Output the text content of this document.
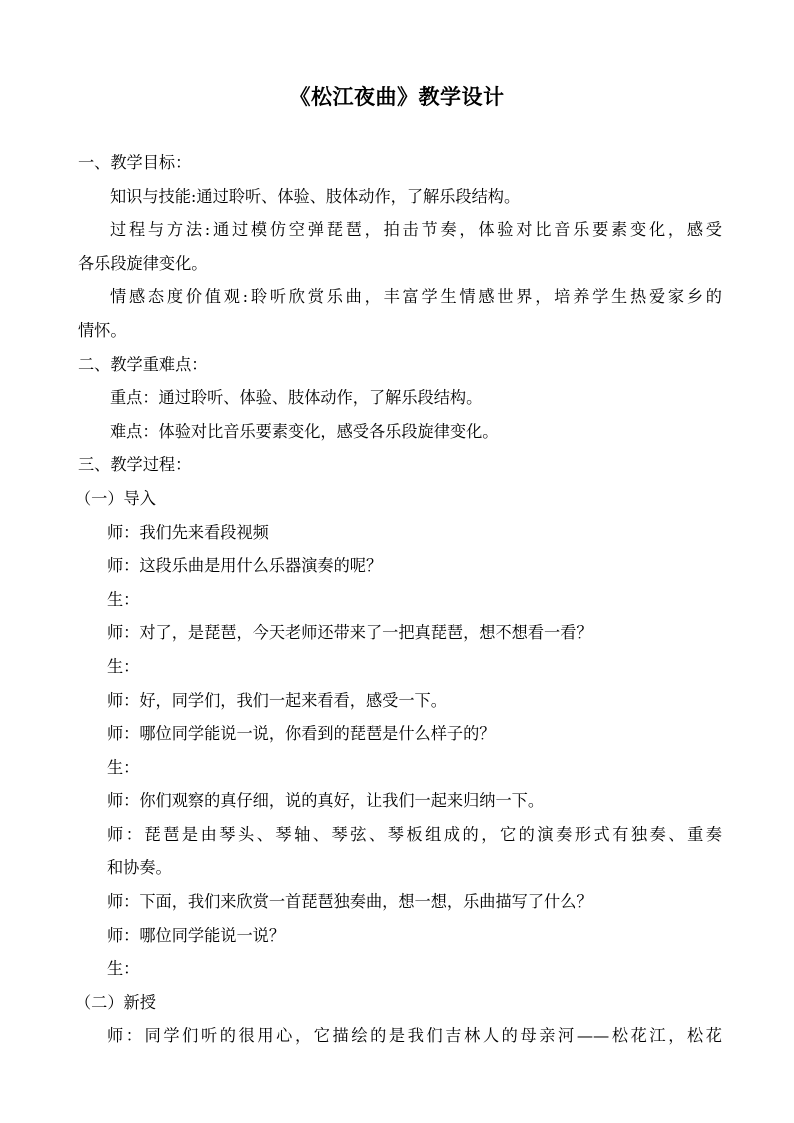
《松江夜曲》教学设计
一、教学目标：
知识与技能:通过聆听、体验、肢体动作，了解乐段结构。
过程与方法:通过模仿空弹琵琶，拍击节奏，体验对比音乐要素变化，感受
各乐段旋律变化。
情感态度价值观:聆听欣赏乐曲，丰富学生情感世界，培养学生热爱家乡的
情怀。
二、教学重难点：
重点：通过聆听、体验、肢体动作，了解乐段结构。
难点：体验对比音乐要素变化，感受各乐段旋律变化。
三、教学过程：
（一）导入
师：我们先来看段视频
师：这段乐曲是用什么乐器演奏的呢？
生：
师：对了，是琵琶，今天老师还带来了一把真琵琶，想不想看一看？
生：
师：好，同学们，我们一起来看看，感受一下。
师：哪位同学能说一说，你看到的琵琶是什么样子的？
生：
师：你们观察的真仔细，说的真好，让我们一起来归纳一下。
师：琵琶是由琴头、琴轴、琴弦、琴板组成的，它的演奏形式有独奏、重奏
和协奏。
师：下面，我们来欣赏一首琵琶独奏曲，想一想，乐曲描写了什么？
师：哪位同学能说一说？
生：
（二）新授
师：同学们听的很用心，它描绘的是我们吉林人的母亲河——松花江，松花
